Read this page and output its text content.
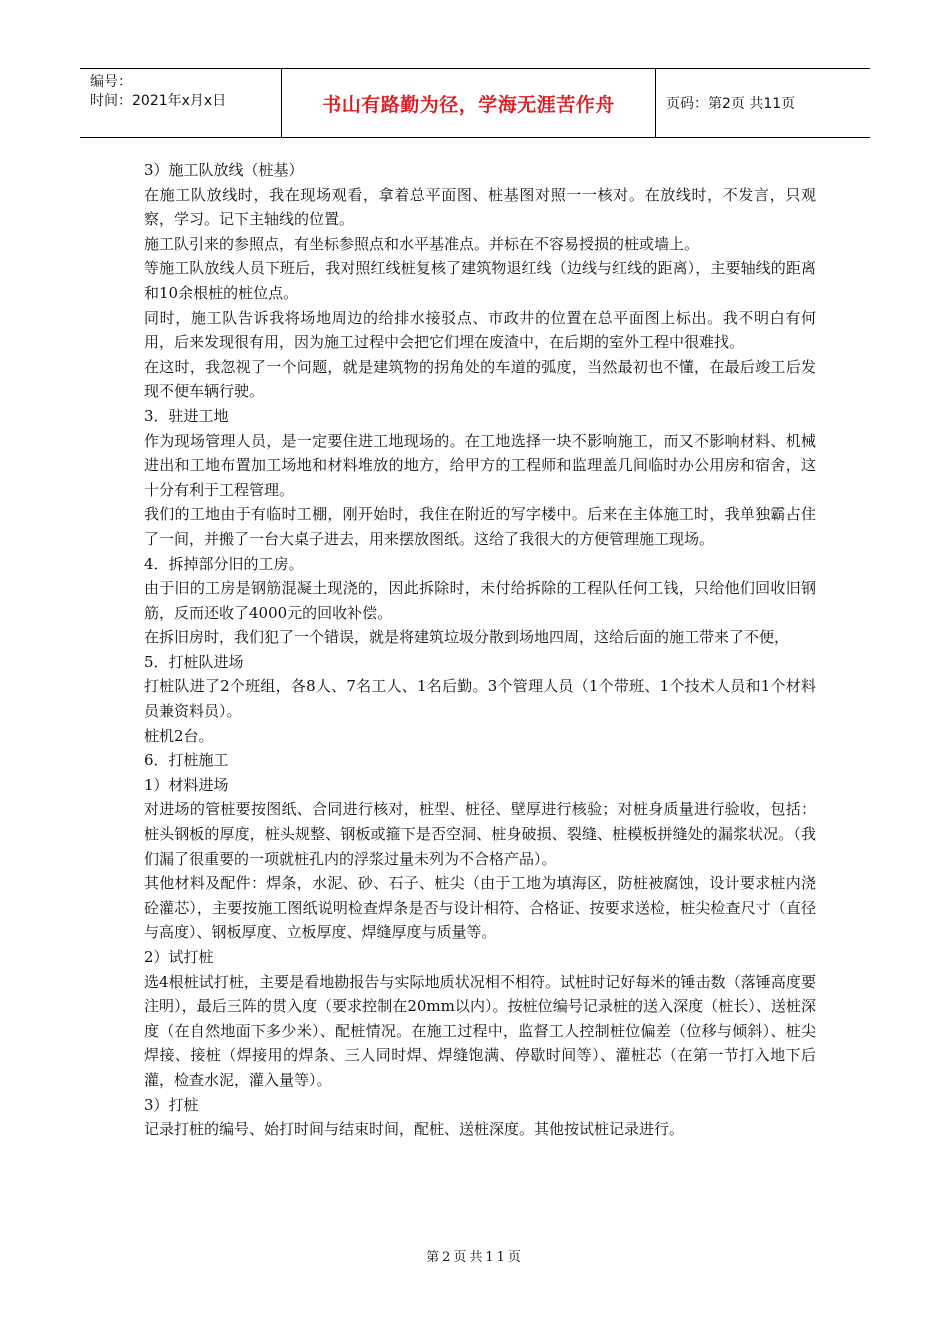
编号：
时间：2021年x月x日	书山有路勤为径，学海无涯苦作舟	页码：第2页 共11页

3）施工队放线（桩基）

在施工队放线时，我在现场观看，拿着总平面图、桩基图对照一一核对。在放线时，不发言，只观察，学习。记下主轴线的位置。

施工队引来的参照点，有坐标参照点和水平基准点。并标在不容易授损的桩或墙上。

等施工队放线人员下班后，我对照红线桩复核了建筑物退红线（边线与红线的距离），主要轴线的距离和10余根桩的桩位点。

同时，施工队告诉我将场地周边的给排水接驳点、市政井的位置在总平面图上标出。我不明白有何用，后来发现很有用，因为施工过程中会把它们埋在废渣中，在后期的室外工程中很难找。

在这时，我忽视了一个问题，就是建筑物的拐角处的车道的弧度，当然最初也不懂，在最后竣工后发现不便车辆行驶。

3．驻进工地

作为现场管理人员，是一定要住进工地现场的。在工地选择一块不影响施工，而又不影响材料、机械进出和工地布置加工场地和材料堆放的地方，给甲方的工程师和监理盖几间临时办公用房和宿舍，这十分有利于工程管理。

我们的工地由于有临时工棚，刚开始时，我住在附近的写字楼中。后来在主体施工时，我单独霸占住了一间，并搬了一台大桌子进去，用来摆放图纸。这给了我很大的方便管理施工现场。

4．拆掉部分旧的工房。

由于旧的工房是钢筋混凝土现浇的，因此拆除时，未付给拆除的工程队任何工钱，只给他们回收旧钢筋，反而还收了4000元的回收补偿。

在拆旧房时，我们犯了一个错误，就是将建筑垃圾分散到场地四周，这给后面的施工带来了不便，

5．打桩队进场

打桩队进了2个班组，各8人、7名工人、1名后勤。3个管理人员（1个带班、1个技术人员和1个材料员兼资料员）。

桩机2台。

6．打桩施工

1）材料进场

对进场的管桩要按图纸、合同进行核对，桩型、桩径、壁厚进行核验；对桩身质量进行验收，包括：桩头钢板的厚度，桩头规整、钢板或箍下是否空洞、桩身破损、裂缝、桩模板拼缝处的漏浆状况。（我们漏了很重要的一项就桩孔内的浮浆过量未列为不合格产品）。

其他材料及配件：焊条，水泥、砂、石子、桩尖（由于工地为填海区，防桩被腐蚀，设计要求桩内浇砼灌芯），主要按施工图纸说明检查焊条是否与设计相符、合格证、按要求送检，桩尖检查尺寸（直径与高度）、钢板厚度、立板厚度、焊缝厚度与质量等。

2）试打桩

选4根桩试打桩，主要是看地勘报告与实际地质状况相不相符。试桩时记好每米的锤击数（落锤高度要注明），最后三阵的贯入度（要求控制在20mm以内）。按桩位编号记录桩的送入深度（桩长）、送桩深度（在自然地面下多少米）、配桩情况。在施工过程中，监督工人控制桩位偏差（位移与倾斜）、桩尖焊接、接桩（焊接用的焊条、三人同时焊、焊缝饱满、停歇时间等）、灌桩芯（在第一节打入地下后灌，检查水泥，灌入量等）。

3）打桩

记录打桩的编号、始打时间与结束时间，配桩、送桩深度。其他按试桩记录进行。

第2页共11页
